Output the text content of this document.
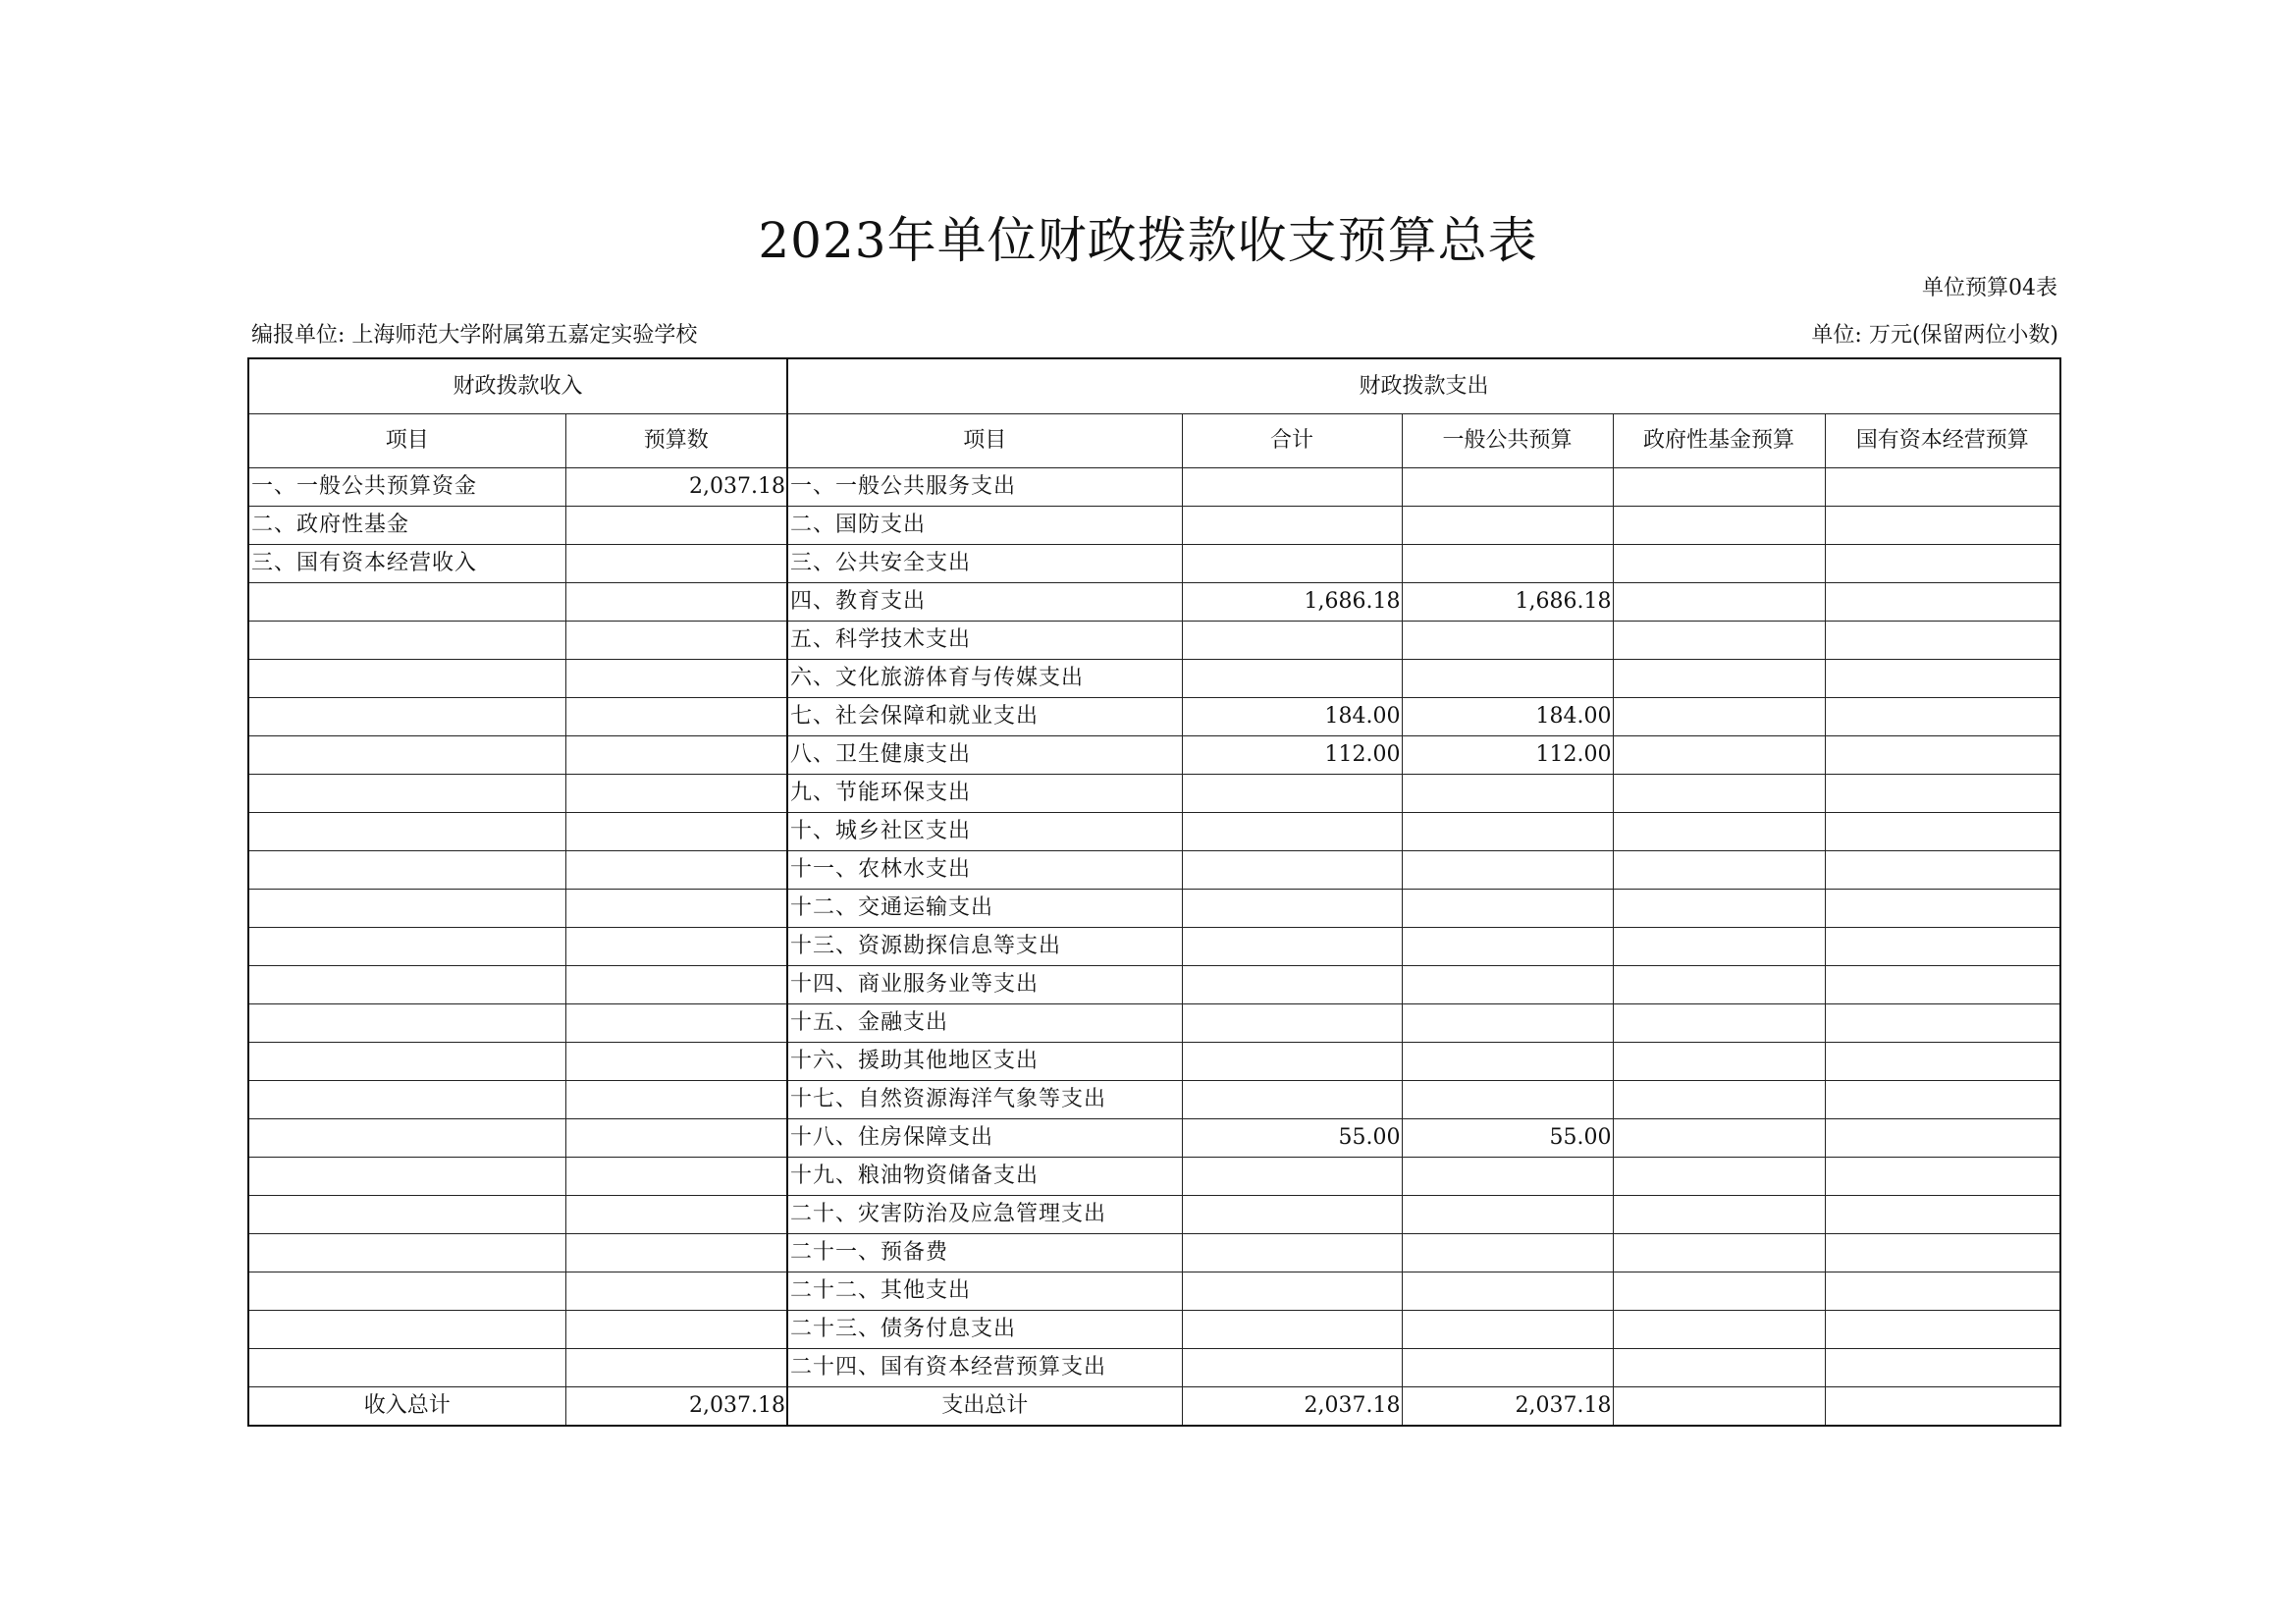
2023年单位财政拨款收支预算总表
单位预算04表
编报单位: 上海师范大学附属第五嘉定实验学校	单位: 万元(保留两位小数)
财政拨款收入		财政拨款支出				
项目	预算数	项目	合计	一般公共预算	政府性基金预算	国有资本经营预算
一、一般公共预算资金	2,037.18	一、一般公共服务支出				
二、政府性基金		二、国防支出				
三、国有资本经营收入		三、公共安全支出				
		四、教育支出	1,686.18	1,686.18		
		五、科学技术支出				
		六、文化旅游体育与传媒支出				
		七、社会保障和就业支出	184.00	184.00		
		八、卫生健康支出	112.00	112.00		
		九、节能环保支出				
		十、城乡社区支出				
		十一、农林水支出				
		十二、交通运输支出				
		十三、资源勘探信息等支出				
		十四、商业服务业等支出				
		十五、金融支出				
		十六、援助其他地区支出				
		十七、自然资源海洋气象等支出				
		十八、住房保障支出	55.00	55.00		
		十九、粮油物资储备支出				
		二十、灾害防治及应急管理支出				
		二十一、预备费				
		二十二、其他支出				
		二十三、债务付息支出				
		二十四、国有资本经营预算支出				
收入总计	2,037.18	支出总计	2,037.18	2,037.18		
